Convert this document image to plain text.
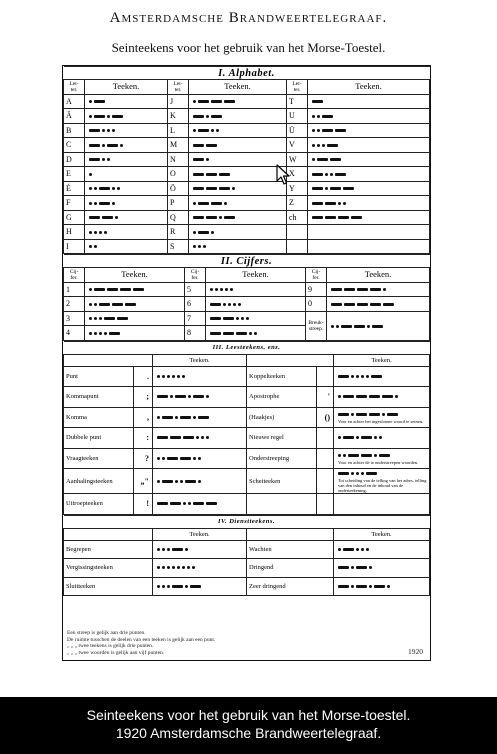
Amsterdamsche Brandweertelegraaf.
Seinteekens voor het gebruik van het Morse-Toestel.
I. Alphabet.					
Let-
ter.	Teeken.	Let-
ter.	Teeken.	Let-
ter.	Teeken.
A		J		T	
Ä		K		U	
B		L		Ü	
C		M		V	
D		N		W	
E		O		X	
É		Ö		Y	
F		P		Z	
G		Q		ch	
H		R			
I		S			
II. Cijfers.					
Cij-
fer.	Teeken.	Cij-
fer.	Teeken.	Cij-
fer.	Teeken.
1		5		9	
2		6		0	
3		7		Breuk-
streep.	
4		8			
III. Leesteekens, enz.					
		Teeken.			Teeken.
Punt	.		Koppelteeken		
Kommapunt	;		Apostrophe	'	
Komma	,		(Haakjes)	()	Voor en achter het ingeslotene woord te seinen.

Dubbele punt	:		Nieuwe regel		
Vraagteeken	?		Onderstreeping		Voor en achter de te onderstreepen woorden.

Aanhalingsteeken	„"		Scheiteeken		Tot scheiding van de telling van het adres, telling van den inhoud en de inhoud van de onderteekening.

Uitroepteeken	!				
IV. Dienstteekens.			
	Teeken.		Teeken.
Begrepen		Wachten	
Vergissingsteeken		Dringend	
Sluitteeken		Zeer dringend	
Een streep is gelijk aan drie punten.
De ruimte tusschen de deelen van een teeken is gelijk aan een punt.
„ „ „ twee teekens is gelijk drie punten.
„ „ „ twee woorden is gelijk aan vijf punten.	1920
Seinteekens voor het gebruik van het Morse-toestel.
1920 Amsterdamsche Brandweertelegraaf.
